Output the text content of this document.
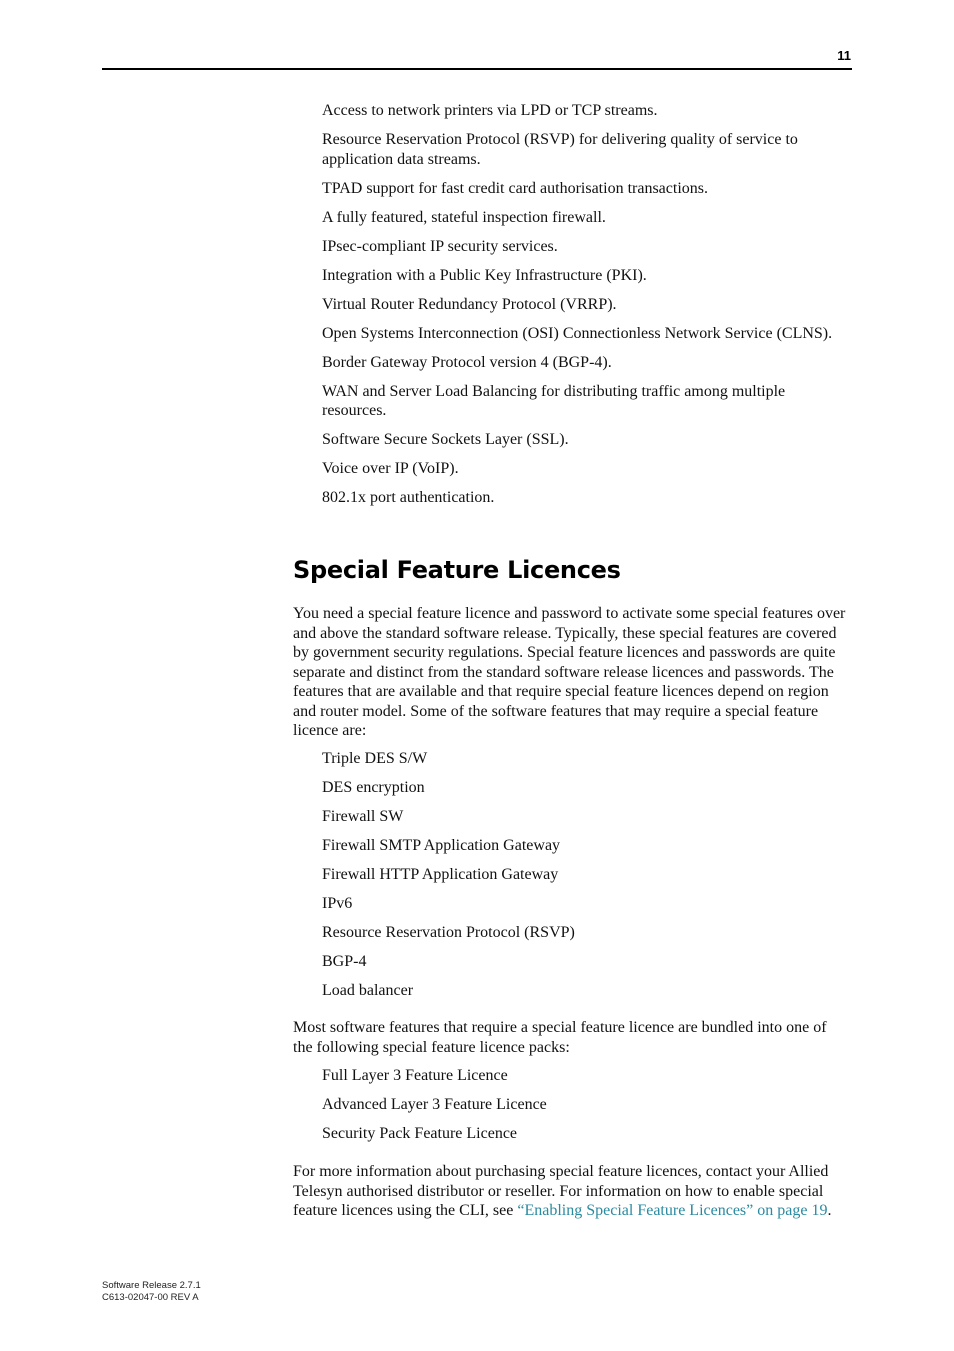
11
Access to network printers via LPD or TCP streams.
Resource Reservation Protocol (RSVP) for delivering quality of service to application data streams.
TPAD support for fast credit card authorisation transactions.
A fully featured, stateful inspection firewall.
IPsec-compliant IP security services.
Integration with a Public Key Infrastructure (PKI).
Virtual Router Redundancy Protocol (VRRP).
Open Systems Interconnection (OSI) Connectionless Network Service (CLNS).
Border Gateway Protocol version 4 (BGP-4).
WAN and Server Load Balancing for distributing traffic among multiple resources.
Software Secure Sockets Layer (SSL).
Voice over IP (VoIP).
802.1x port authentication.
Special Feature Licences

You need a special feature licence and password to activate some special features over and above the standard software release. Typically, these special features are covered by government security regulations. Special feature licences and passwords are quite separate and distinct from the standard software release licences and passwords. The features that are available and that require special feature licences depend on region and router model. Some of the software features that may require a special feature licence are:

Triple DES S/W
DES encryption
Firewall SW
Firewall SMTP Application Gateway
Firewall HTTP Application Gateway
IPv6
Resource Reservation Protocol (RSVP)
BGP-4
Load balancer

Most software features that require a special feature licence are bundled into one of the following special feature licence packs:

Full Layer 3 Feature Licence
Advanced Layer 3 Feature Licence
Security Pack Feature Licence

For more information about purchasing special feature licences, contact your Allied Telesyn authorised distributor or reseller. For information on how to enable special feature licences using the CLI, see “Enabling Special Feature Licences” on page 19.

Software Release 2.7.1
C613-02047-00 REV A
